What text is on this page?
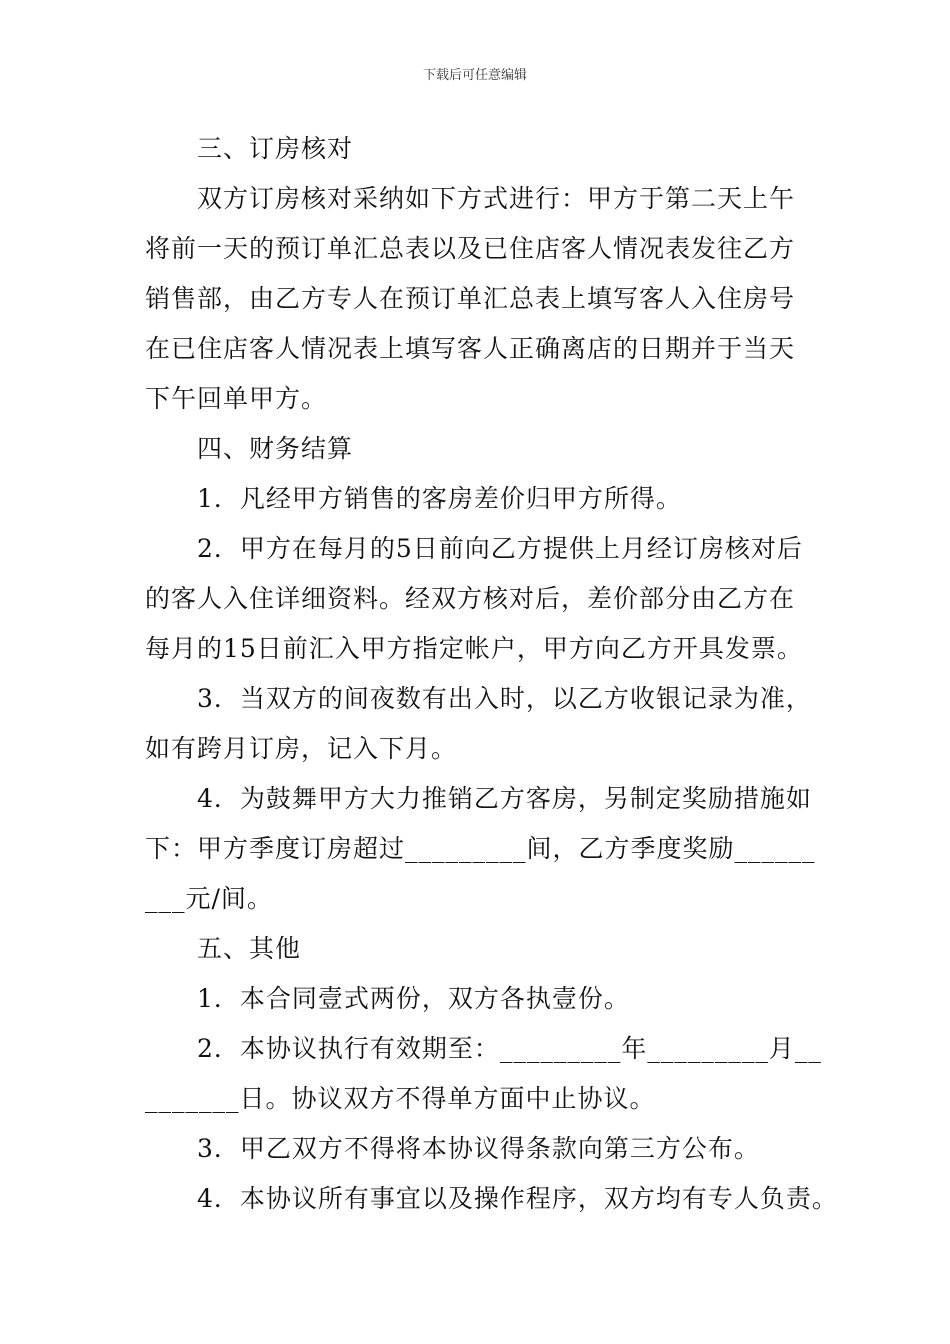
下载后可任意编辑
三、订房核对
双方订房核对采纳如下方式进行：甲方于第二天上午
将前一天的预订单汇总表以及已住店客人情况表发往乙方
销售部，由乙方专人在预订单汇总表上填写客人入住房号
在已住店客人情况表上填写客人正确离店的日期并于当天
下午回单甲方。
四、财务结算
1．凡经甲方销售的客房差价归甲方所得。
2．甲方在每月的5日前向乙方提供上月经订房核对后
的客人入住详细资料。经双方核对后，差价部分由乙方在
每月的15日前汇入甲方指定帐户，甲方向乙方开具发票。
3．当双方的间夜数有出入时，以乙方收银记录为准，
如有跨月订房，记入下月。
4．为鼓舞甲方大力推销乙方客房，另制定奖励措施如
下：甲方季度订房超过_________间，乙方季度奖励______
___元/间。
五、其他
1．本合同壹式两份，双方各执壹份。
2．本协议执行有效期至：_________年_________月__
_______日。协议双方不得单方面中止协议。
3．甲乙双方不得将本协议得条款向第三方公布。
4．本协议所有事宜以及操作程序，双方均有专人负责。
